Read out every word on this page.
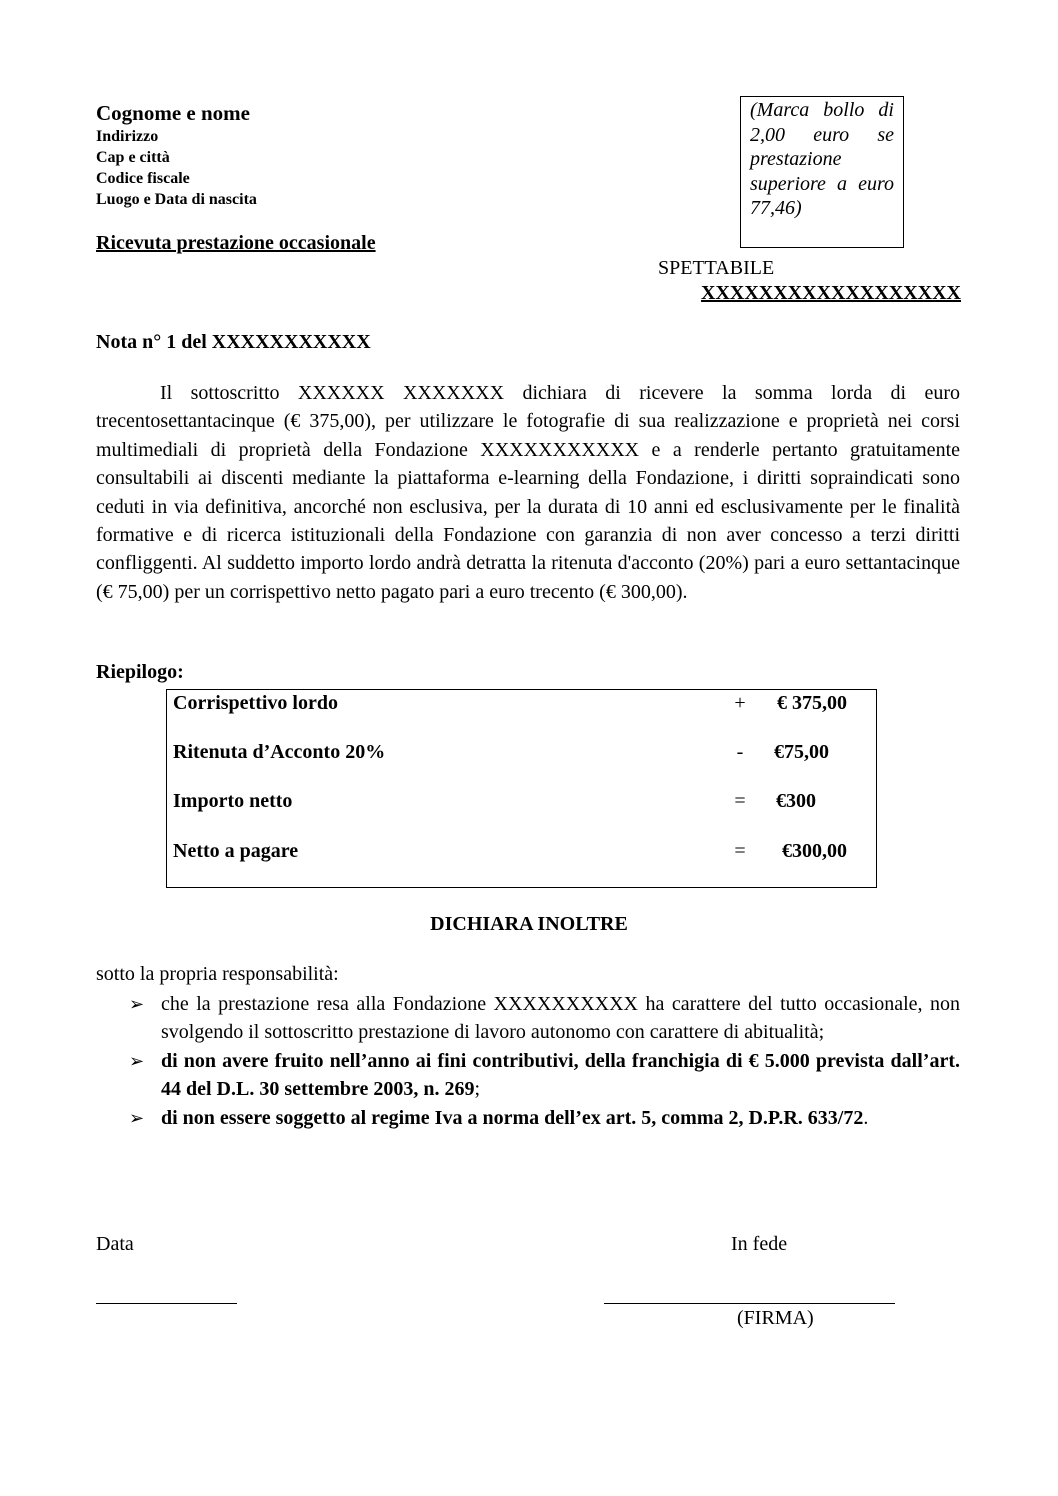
Cognome e nome
Indirizzo
Cap e città
Codice fiscale
Luogo e Data di nascita
(Marca bollo di 2,00 euro se prestazione superiore a euro 77,46)
Ricevuta prestazione occasionale
SPETTABILE
XXXXXXXXXXXXXXXXXX
Nota n° 1 del XXXXXXXXXXX

Il sottoscritto XXXXXX XXXXXXX dichiara di ricevere la somma lorda di euro trecentosettantacinque (€ 375,00), per utilizzare le fotografie di sua realizzazione e proprietà nei corsi multimediali di proprietà della Fondazione XXXXXXXXXXX e a renderle pertanto gratuitamente consultabili ai discenti mediante la piattaforma e-learning della Fondazione, i diritti sopraindicati sono ceduti in via definitiva, ancorché non esclusiva, per la durata di 10 anni ed esclusivamente per le finalità formative e di ricerca istituzionali della Fondazione con garanzia di non aver concesso a terzi diritti confliggenti. Al suddetto importo lordo andrà detratta la ritenuta d'acconto (20%) pari a euro settantacinque (€ 75,00) per un corrispettivo netto pagato pari a euro trecento (€ 300,00).

Riepilogo:
Corrispettivo lordo	+ € 375,00
Ritenuta d’Acconto 20%	- €75,00
Importo netto	= €300
Netto a pagare	= €300,00
DICHIARA INOLTRE
sotto la propria responsabilità:
➢ che la prestazione resa alla Fondazione XXXXXXXXXX ha carattere del tutto occasionale, non svolgendo il sottoscritto prestazione di lavoro autonomo con carattere di abitualità;
➢ di non avere fruito nell’anno ai fini contributivi, della franchigia di € 5.000 prevista dall’art. 44 del D.L. 30 settembre 2003, n. 269;
➢ di non essere soggetto al regime Iva a norma dell’ex art. 5, comma 2, D.P.R. 633/72.
Data	In fede
(FIRMA)
